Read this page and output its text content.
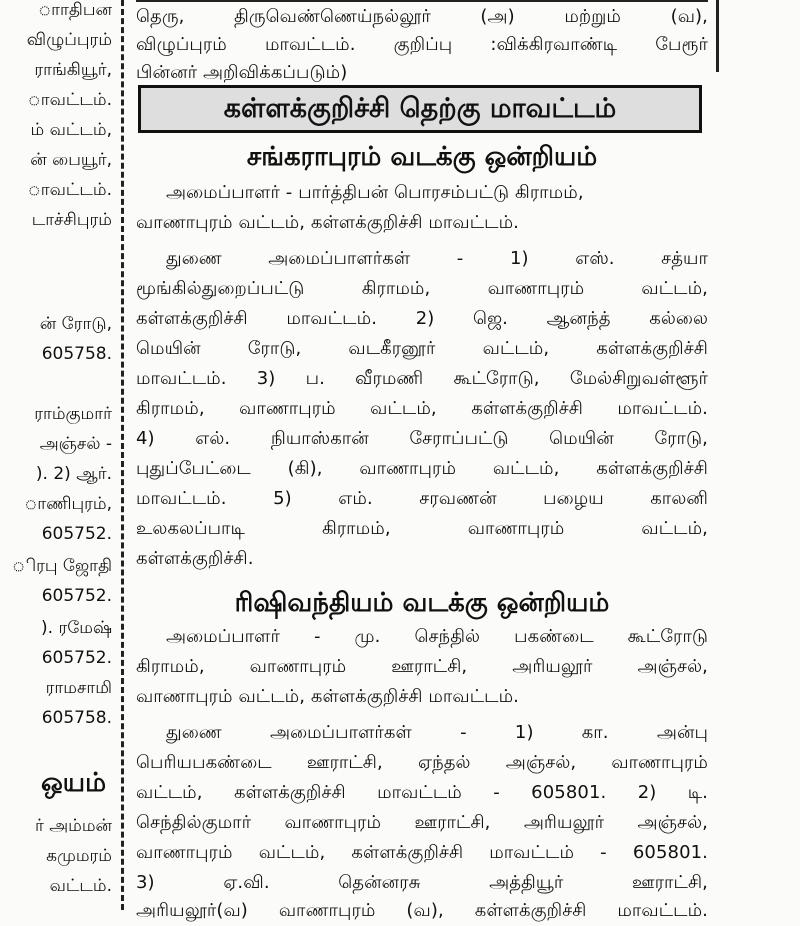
ாாதிபன
விழுப்புரம்
ராங்கியூர்,
ாவட்டம்.
ம் வட்டம்,
ன் பையூர்,
ாவட்டம்.
டாச்சிபுரம்
ன் ரோடு,
605758.
ராம்குமார்
அஞ்சல் -
). 2) ஆர்.
ாணிபுரம்,
605752.
ிரபு ஜோதி
605752.
). ரமேஷ்
605752.
ராமசாமி
605758.
ஒயம்
ர் அம்மன்
கமுமரம்
வட்டம்.
தெரு, திருவெண்ணெய்நல்லூர் (அ) மற்றும் (வ),
விழுப்புரம் மாவட்டம். குறிப்பு :விக்கிரவாண்டி பேரூர்
பின்னர் அறிவிக்கப்படும்)
கள்ளக்குறிச்சி தெற்கு மாவட்டம்
சங்கராபுரம் வடக்கு ஒன்றியம்
அமைப்பாளர் - பார்த்திபன் பொரசம்பட்டு கிராமம்,
வாணாபுரம் வட்டம், கள்ளக்குறிச்சி மாவட்டம்.
துணை அமைப்பாளர்கள் - 1) எஸ். சத்யா
மூங்கில்துறைப்பட்டு கிராமம், வாணாபுரம் வட்டம்,
கள்ளக்குறிச்சி மாவட்டம். 2) ஜெ. ஆனந்த் கல்லை
மெயின் ரோடு, வடகீரனூர் வட்டம், கள்ளக்குறிச்சி
மாவட்டம். 3) ப. வீரமணி கூட்ரோடு, மேல்சிறுவள்ளூர்
கிராமம், வாணாபுரம் வட்டம், கள்ளக்குறிச்சி மாவட்டம்.
4) எல். நியாஸ்கான் சேராப்பட்டு மெயின் ரோடு,
புதுப்பேட்டை (கி), வாணாபுரம் வட்டம், கள்ளக்குறிச்சி
மாவட்டம். 5) எம். சரவணன் பழைய காலனி
உலகலப்பாடி கிராமம், வாணாபுரம் வட்டம்,
கள்ளக்குறிச்சி.
ரிஷிவந்தியம் வடக்கு ஒன்றியம்
அமைப்பாளர் - மு. செந்தில் பகண்டை கூட்ரோடு
கிராமம், வாணாபுரம் ஊராட்சி, அரியலூர் அஞ்சல்,
வாணாபுரம் வட்டம், கள்ளக்குறிச்சி மாவட்டம்.
துணை அமைப்பாளர்கள் - 1) கா. அன்பு
பெரியபகண்டை ஊராட்சி, ஏந்தல் அஞ்சல், வாணாபுரம்
வட்டம், கள்ளக்குறிச்சி மாவட்டம் - 605801. 2) டி.
செந்தில்குமார் வாணாபுரம் ஊராட்சி, அரியலூர் அஞ்சல்,
வாணாபுரம் வட்டம், கள்ளக்குறிச்சி மாவட்டம் - 605801.
3) ஏ.வி. தென்னரசு அத்தியூர் ஊராட்சி,
அரியலூர்(வ) வாணாபுரம் (வ), கள்ளக்குறிச்சி மாவட்டம்.
